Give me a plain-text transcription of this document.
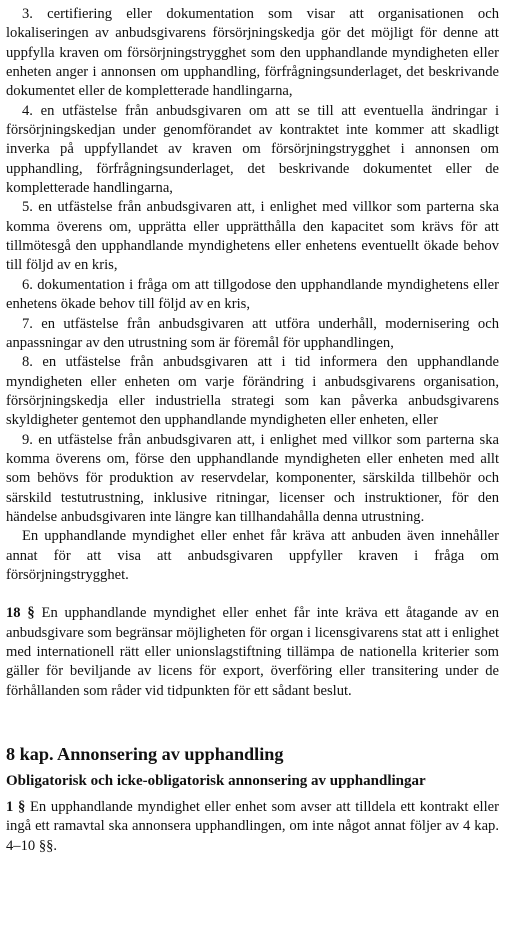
3. certifiering eller dokumentation som visar att organisationen och lokaliseringen av anbudsgivarens försörjningskedja gör det möjligt för denne att uppfylla kraven om försörjningstrygghet som den upphandlande myndigheten eller enheten anger i annonsen om upphandling, förfrågningsunderlaget, det beskrivande dokumentet eller de kompletterade handlingarna,

4. en utfästelse från anbudsgivaren om att se till att eventuella ändringar i försörjningskedjan under genomförandet av kontraktet inte kommer att skadligt inverka på uppfyllandet av kraven om försörjningstrygghet i annonsen om upphandling, förfrågningsunderlaget, det beskrivande dokumentet eller de kompletterade handlingarna,

5. en utfästelse från anbudsgivaren att, i enlighet med villkor som parterna ska komma överens om, upprätta eller upprätthålla den kapacitet som krävs för att tillmötesgå den upphandlande myndighetens eller enhetens eventuellt ökade behov till följd av en kris,

6. dokumentation i fråga om att tillgodose den upphandlande myndighetens eller enhetens ökade behov till följd av en kris,

7. en utfästelse från anbudsgivaren att utföra underhåll, modernisering och anpassningar av den utrustning som är föremål för upphandlingen,

8. en utfästelse från anbudsgivaren att i tid informera den upphandlande myndigheten eller enheten om varje förändring i anbudsgivarens organisation, försörjningskedja eller industriella strategi som kan påverka anbudsgivarens skyldigheter gentemot den upphandlande myndigheten eller enheten, eller

9. en utfästelse från anbudsgivaren att, i enlighet med villkor som parterna ska komma överens om, förse den upphandlande myndigheten eller enheten med allt som behövs för produktion av reservdelar, komponenter, särskilda tillbehör och särskild testutrustning, inklusive ritningar, licenser och instruktioner, för den händelse anbudsgivaren inte längre kan tillhandahålla denna utrustning.

En upphandlande myndighet eller enhet får kräva att anbuden även innehåller annat för att visa att anbudsgivaren uppfyller kraven i fråga om försörjningstrygghet.

18 § En upphandlande myndighet eller enhet får inte kräva ett åtagande av en anbudsgivare som begränsar möjligheten för organ i licensgivarens stat att i enlighet med internationell rätt eller unionslagstiftning tillämpa de nationella kriterier som gäller för beviljande av licens för export, överföring eller transitering under de förhållanden som råder vid tidpunkten för ett sådant beslut.

8 kap. Annonsering av upphandling
Obligatorisk och icke-obligatorisk annonsering av upphandlingar

1 § En upphandlande myndighet eller enhet som avser att tilldela ett kontrakt eller ingå ett ramavtal ska annonsera upphandlingen, om inte något annat följer av 4 kap. 4–10 §§.
